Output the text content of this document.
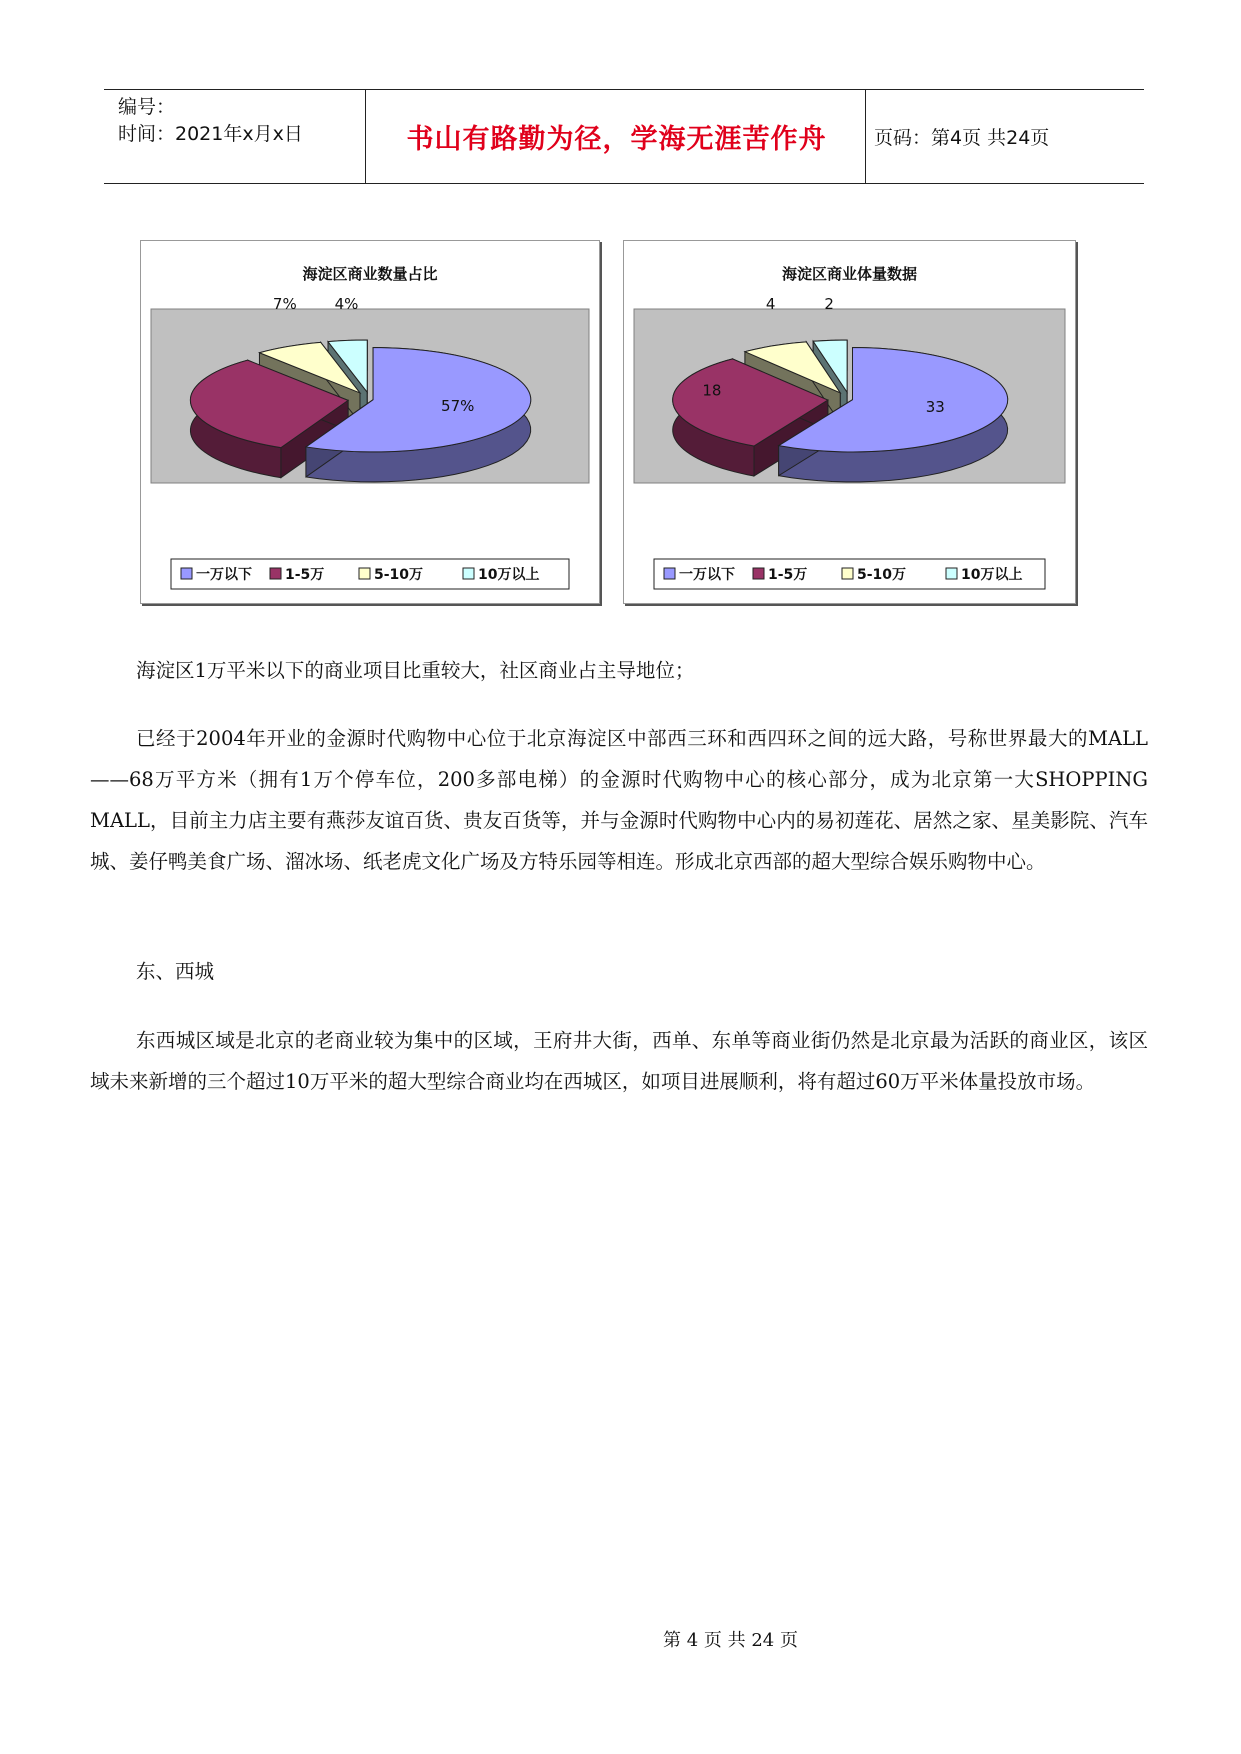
编号：
时间：2021年x月x日	书山有路勤为径，学海无涯苦作舟	页码：第4页 共24页
海淀区商业数量占比
57%
7%	4%
一万以下 1-5万	5-10万	10万以上
海淀区商业体量数据
33
18
4	2
一万以下 1-5万	5-10万	10万以上
海淀区1万平米以下的商业项目比重较大，社区商业占主导地位；
已经于2004年开业的金源时代购物中心位于北京海淀区中部西三环和西四环之间的远大路，号称世界最大的MALL——68万平方米（拥有1万个停车位，200多部电梯）的金源时代购物中心的核心部分，成为北京第一大SHOPPING MALL，目前主力店主要有燕莎友谊百货、贵友百货等，并与金源时代购物中心内的易初莲花、居然之家、星美影院、汽车城、姜仔鸭美食广场、溜冰场、纸老虎文化广场及方特乐园等相连。形成北京西部的超大型综合娱乐购物中心。
东、西城
东西城区域是北京的老商业较为集中的区域，王府井大街，西单、东单等商业街仍然是北京最为活跃的商业区，该区域未来新增的三个超过10万平米的超大型综合商业均在西城区，如项目进展顺利，将有超过60万平米体量投放市场。
第 4 页 共 24 页
